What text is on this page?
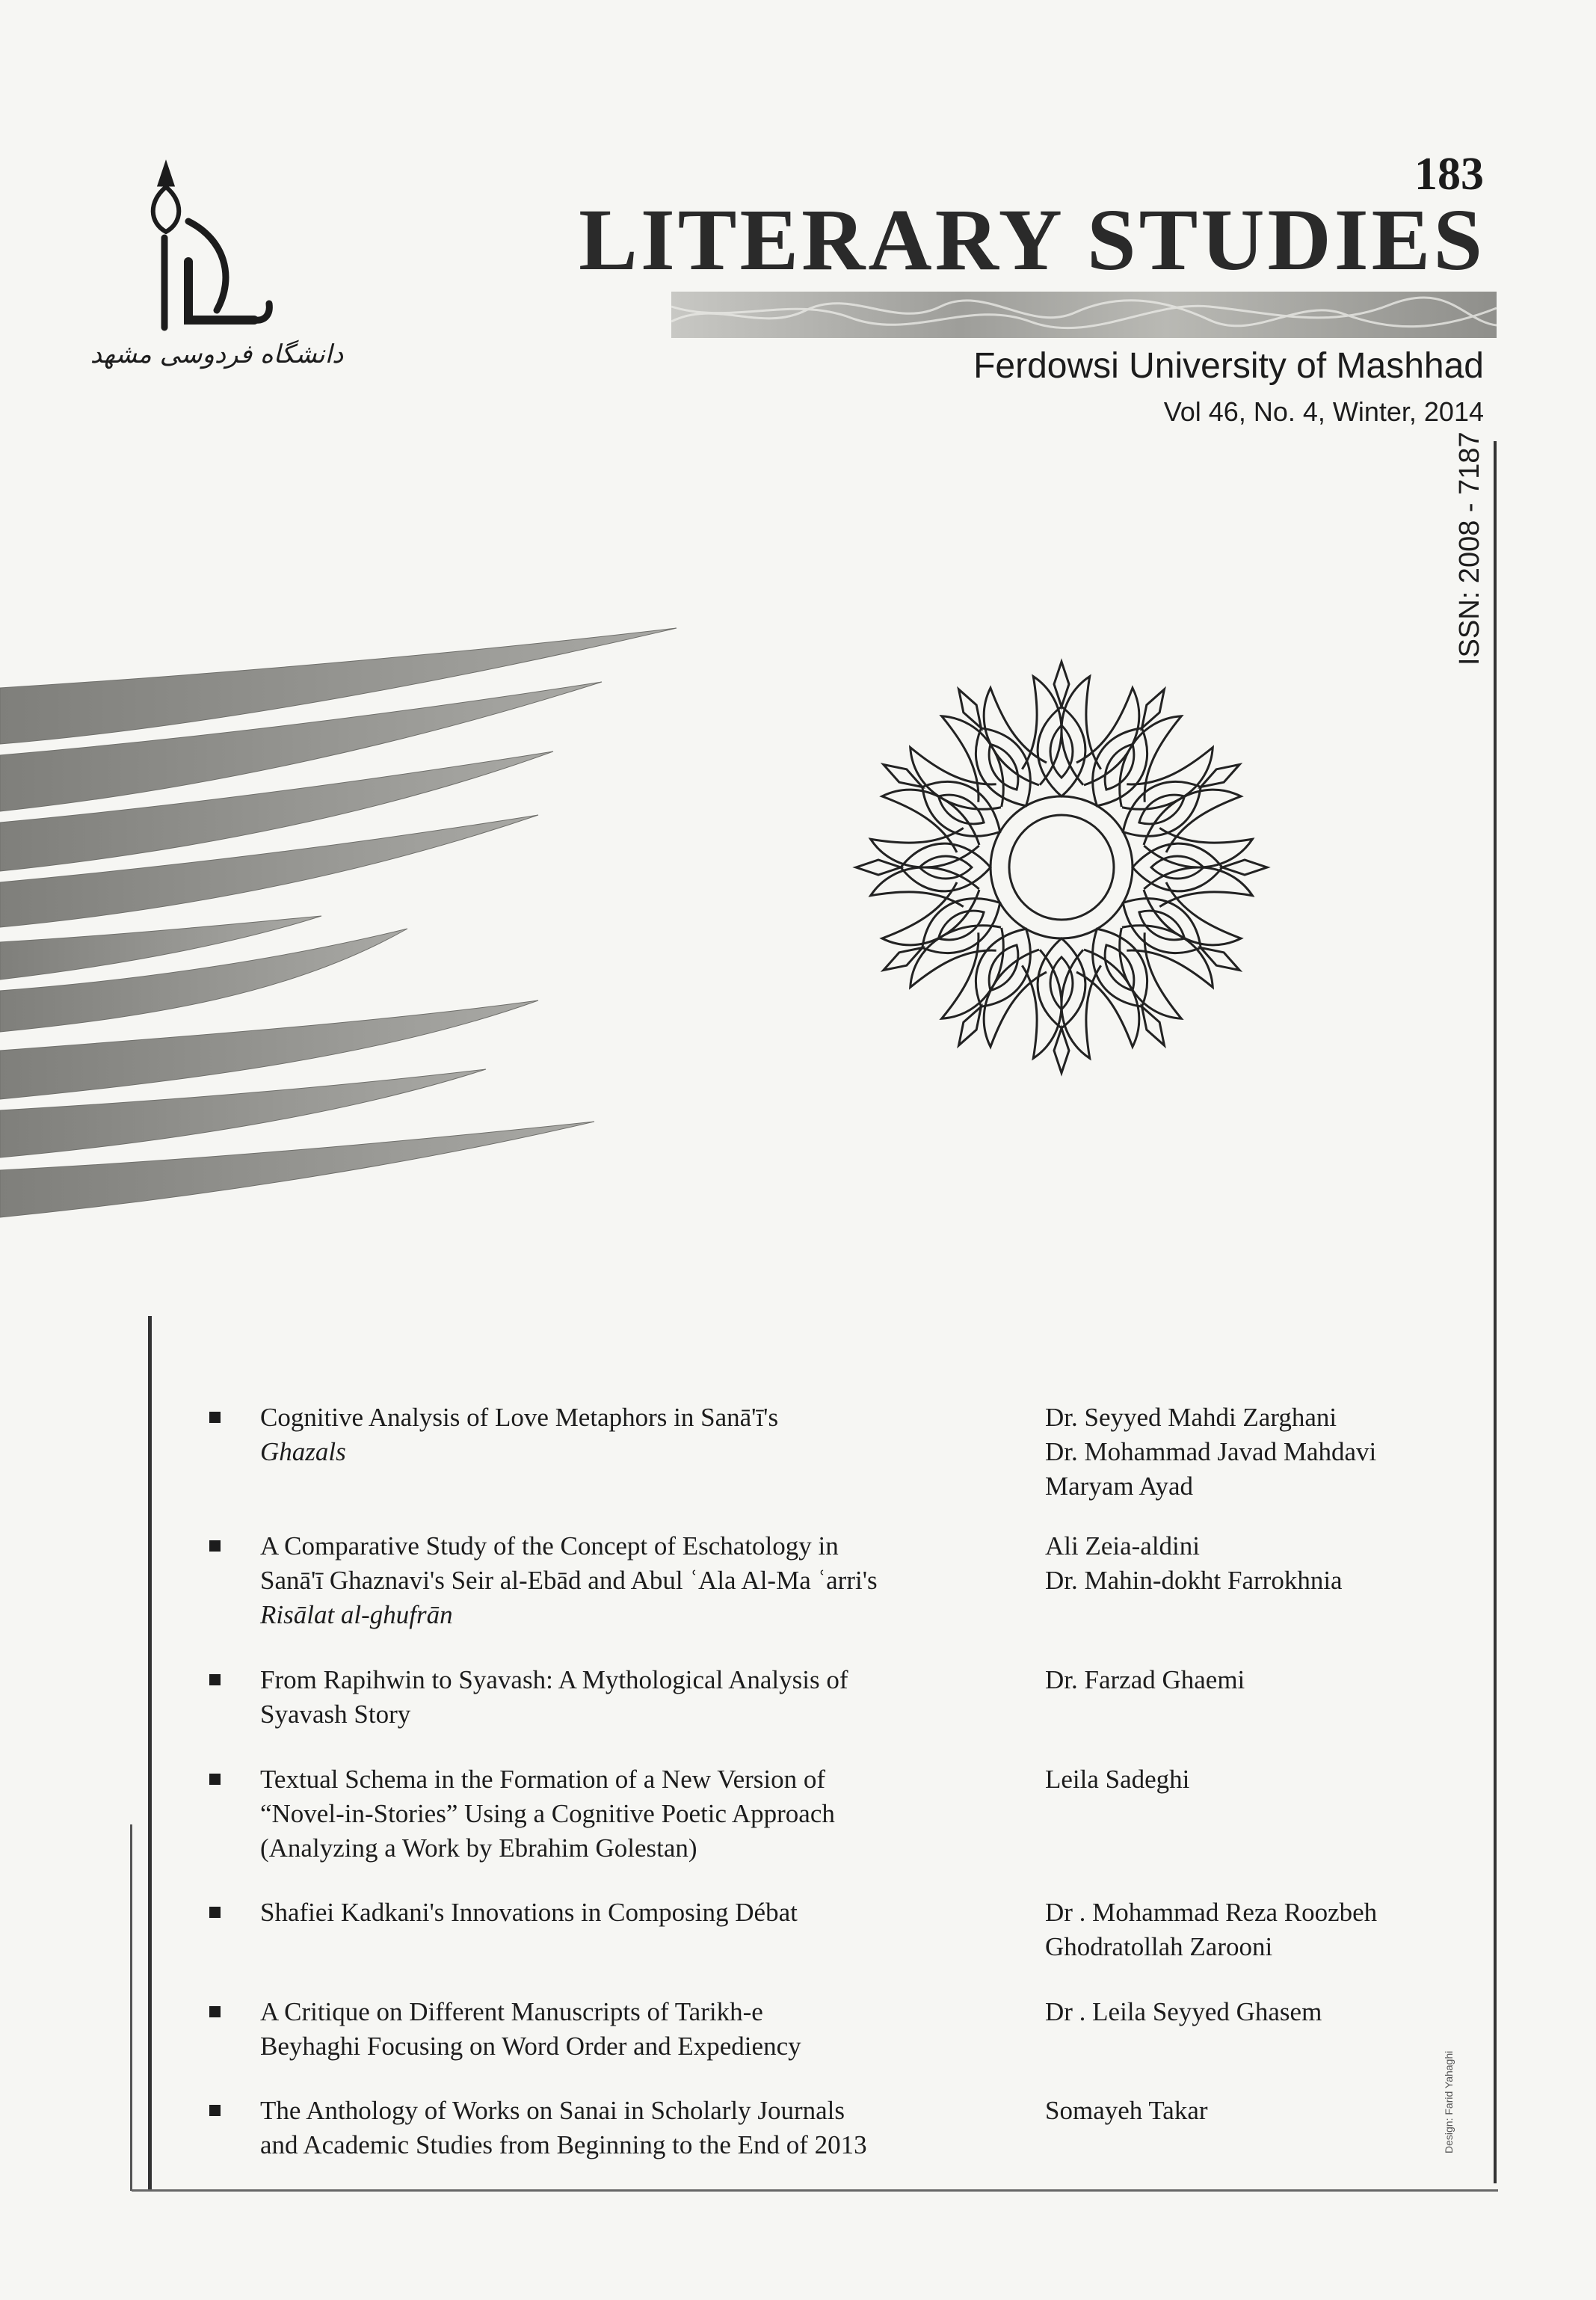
دانشگاه فردوسی مشهد
183
LITERARY STUDIES
Ferdowsi University of Mashhad
Vol 46, No. 4, Winter, 2014
ISSN: 2008 - 7187
Cognitive Analysis of Love Metaphors in Sanā'ī's
Ghazals
Dr. Seyyed Mahdi Zarghani
Dr. Mohammad Javad Mahdavi
Maryam Ayad
A Comparative Study of the Concept of Eschatology in
Sanā'ī Ghaznavi's Seir al-Ebād and Abul ʿAla Al-Ma ʿarri's
Risālat al-ghufrān
Ali Zeia-aldini
Dr. Mahin-dokht Farrokhnia
From Rapihwin to Syavash: A Mythological Analysis of
Syavash Story
Dr. Farzad Ghaemi
Textual Schema in the Formation of a New Version of
“Novel-in-Stories” Using a Cognitive Poetic Approach
(Analyzing a Work by Ebrahim Golestan)
Leila Sadeghi
Shafiei Kadkani's Innovations in Composing Débat	Dr . Mohammad Reza Roozbeh
Ghodratollah Zarooni
A Critique on Different Manuscripts of Tarikh-e
Beyhaghi Focusing on Word Order and Expediency
Dr . Leila Seyyed Ghasem
The Anthology of Works on Sanai in Scholarly Journals
and Academic Studies from Beginning to the End of 2013
Somayeh Takar	Design: Farid Yahaghi
